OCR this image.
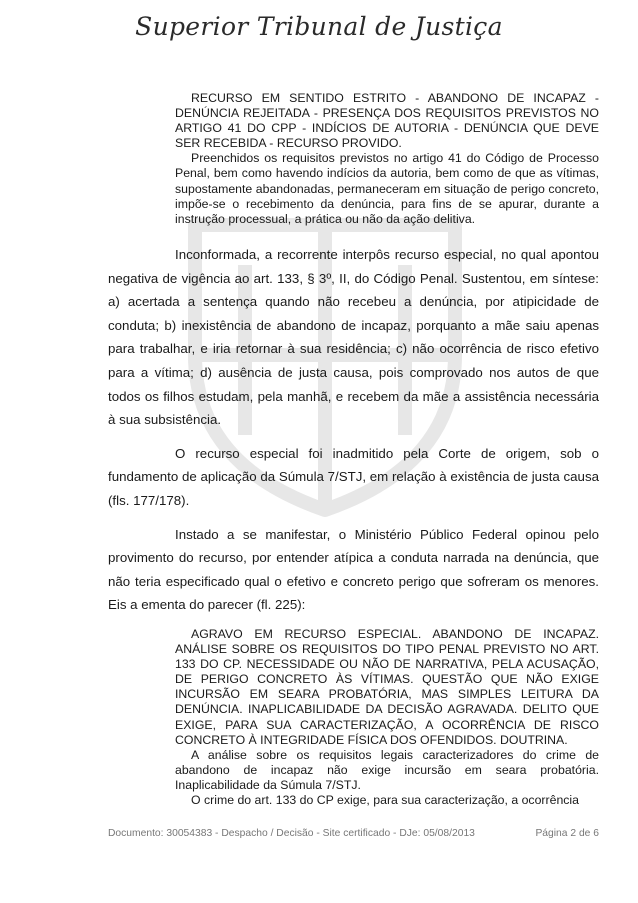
Superior Tribunal de Justiça

RECURSO EM SENTIDO ESTRITO - ABANDONO DE INCAPAZ - DENÚNCIA REJEITADA - PRESENÇA DOS REQUISITOS PREVISTOS NO ARTIGO 41 DO CPP - INDÍCIOS DE AUTORIA - DENÚNCIA QUE DEVE SER RECEBIDA - RECURSO PROVIDO.

Preenchidos os requisitos previstos no artigo 41 do Código de Processo Penal, bem como havendo indícios da autoria, bem como de que as vítimas, supostamente abandonadas, permaneceram em situação de perigo concreto, impõe-se o recebimento da denúncia, para fins de se apurar, durante a instrução processual, a prática ou não da ação delitiva.

Inconformada, a recorrente interpôs recurso especial, no qual apontou negativa de vigência ao art. 133, § 3º, II, do Código Penal. Sustentou, em síntese: a) acertada a sentença quando não recebeu a denúncia, por atipicidade de conduta; b) inexistência de abandono de incapaz, porquanto a mãe saiu apenas para trabalhar, e iria retornar à sua residência; c) não ocorrência de risco efetivo para a vítima; d) ausência de justa causa, pois comprovado nos autos de que todos os filhos estudam, pela manhã, e recebem da mãe a assistência necessária à sua subsistência.

O recurso especial foi inadmitido pela Corte de origem, sob o fundamento de aplicação da Súmula 7/STJ, em relação à existência de justa causa (fls. 177/178).

Instado a se manifestar, o Ministério Público Federal opinou pelo provimento do recurso, por entender atípica a conduta narrada na denúncia, que não teria especificado qual o efetivo e concreto perigo que sofreram os menores. Eis a ementa do parecer (fl. 225):

AGRAVO EM RECURSO ESPECIAL. ABANDONO DE INCAPAZ. ANÁLISE SOBRE OS REQUISITOS DO TIPO PENAL PREVISTO NO ART. 133 DO CP. NECESSIDADE OU NÃO DE NARRATIVA, PELA ACUSAÇÃO, DE PERIGO CONCRETO ÀS VÍTIMAS. QUESTÃO QUE NÃO EXIGE INCURSÃO EM SEARA PROBATÓRIA, MAS SIMPLES LEITURA DA DENÚNCIA. INAPLICABILIDADE DA DECISÃO AGRAVADA. DELITO QUE EXIGE, PARA SUA CARACTERIZAÇÃO, A OCORRÊNCIA DE RISCO CONCRETO À INTEGRIDADE FÍSICA DOS OFENDIDOS. DOUTRINA.

A análise sobre os requisitos legais caracterizadores do crime de abandono de incapaz não exige incursão em seara probatória. Inaplicabilidade da Súmula 7/STJ.

O crime do art. 133 do CP exige, para sua caracterização, a ocorrência

Documento: 30054383 - Despacho / Decisão - Site certificado - DJe: 05/08/2013	Página 2 de 6
